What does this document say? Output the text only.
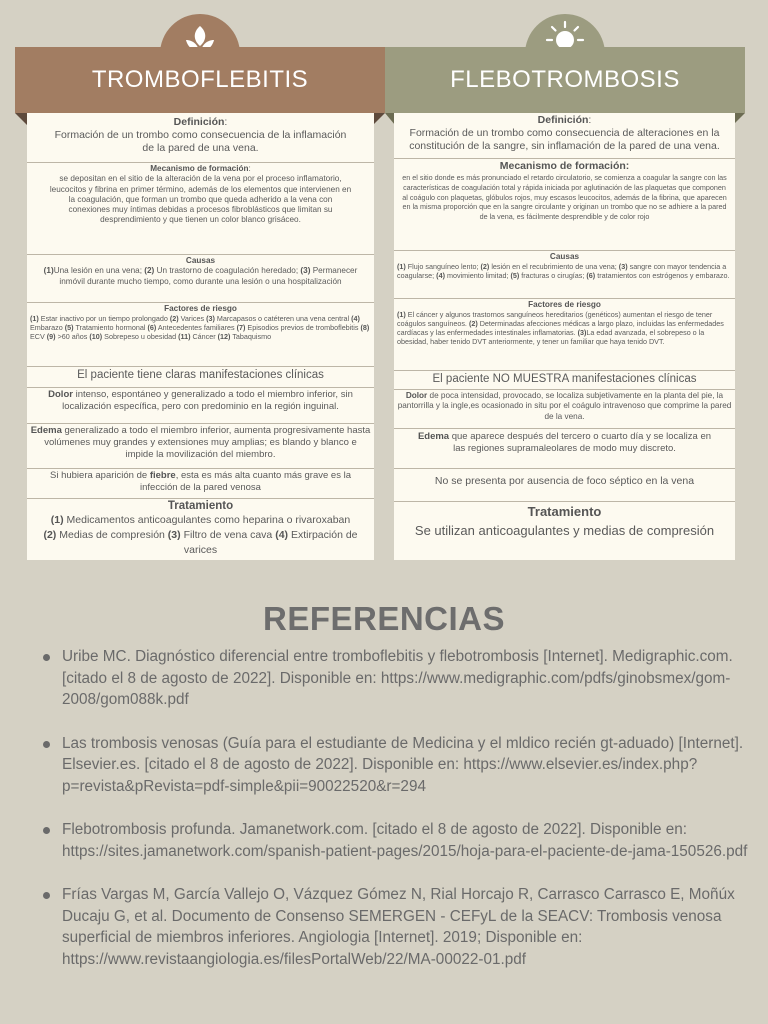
TROMBOFLEBITIS
Definición:
Formación de un trombo como consecuencia de la inflamación de la pared de una vena.
Mecanismo de formación:
se depositan en el sitio de la alteración de la vena por el proceso inflamatorio, leucocitos y fibrina en primer término, además de los elementos que intervienen en la coagulación, que forman un trombo que queda adherido a la vena con conexiones muy íntimas debidas a procesos fibroblásticos que limitan su desprendimiento y que tienen un color blanco grisáceo.
Causas
(1)Una lesión en una vena; (2) Un trastorno de coagulación heredado; (3) Permanecer inmóvil durante mucho tiempo, como durante una lesión o una hospitalización
Factores de riesgo
(1) Estar inactivo por un tiempo prolongado (2) Varices (3) Marcapasos o catéteren una vena central (4) Embarazo (5) Tratamiento hormonal (6) Antecedentes familiares (7) Episodios previos de tromboflebitis (8) ECV (9) >60 años (10) Sobrepeso u obesidad (11) Cáncer (12) Tabaquismo
El paciente tiene claras manifestaciones clínicas
Dolor intenso, espontáneo y generalizado a todo el miembro inferior, sin localización específica, pero con predominio en la región inguinal.
Edema generalizado a todo el miembro inferior, aumenta progresivamente hasta volúmenes muy grandes y extensiones muy amplias; es blando y blanco e impide la movilización del miembro.
Si hubiera aparición de fiebre, esta es más alta cuanto más grave es la infección de la pared venosa
Tratamiento
(1) Medicamentos anticoagulantes como heparina o rivaroxaban (2) Medias de compresión (3) Filtro de vena cava (4) Extirpación de varices
FLEBOTROMBOSIS
Definición:
Formación de un trombo como consecuencia de alteraciones en la constitución de la sangre, sin inflamación de la pared de una vena.
Mecanismo de formación:
en el sitio donde es más pronunciado el retardo circulatorio, se comienza a coagular la sangre con las características de coagulación total y rápida iniciada por aglutinación de las plaquetas que componen al coágulo con plaquetas, glóbulos rojos, muy escasos leucocitos, además de la fibrina, que aparecen en la misma proporción que en la sangre circulante y originan un trombo que no se adhiere a la pared de la vena, es fácilmente desprendible y de color rojo
Causas
(1) Flujo sanguíneo lento; (2) lesión en el recubrimiento de una vena; (3) sangre con mayor tendencia a coagularse; (4) movimiento limitad; (5) fracturas o cirugías; (6) tratamientos con estrógenos y embarazo.
Factores de riesgo
(1) El cáncer y algunos trastornos sanguíneos hereditarios (genéticos) aumentan el riesgo de tener coágulos sanguíneos. (2) Determinadas afecciones médicas a largo plazo, incluidas las enfermedades cardíacas y las enfermedades intestinales inflamatorias. (3)La edad avanzada, el sobrepeso o la obesidad, haber tenido DVT anteriormente, y tener un familiar que haya tenido DVT.
El paciente NO MUESTRA manifestaciones clínicas
Dolor de poca intensidad, provocado, se localiza subjetivamente en la planta del pie, la pantorrilla y la ingle,es ocasionado in situ por el coágulo intravenoso que comprime la pared de la vena.
Edema que aparece después del tercero o cuarto día y se localiza en las regiones supramaleolares de modo muy discreto.
No se presenta por ausencia de foco séptico en la vena
Tratamiento
Se utilizan anticoagulantes y medias de compresión
REFERENCIAS
Uribe MC. Diagnóstico diferencial entre tromboflebitis y flebotrombosis [Internet]. Medigraphic.com. [citado el 8 de agosto de 2022]. Disponible en: https://www.medigraphic.com/pdfs/ginobsmex/gom-2008/gom088k.pdf
Las trombosis venosas (Guía para el estudiante de Medicina y el mldico recién gt-aduado) [Internet]. Elsevier.es. [citado el 8 de agosto de 2022]. Disponible en: https://www.elsevier.es/index.php?p=revista&pRevista=pdf-simple&pii=90022520&r=294
Flebotrombosis profunda. Jamanetwork.com. [citado el 8 de agosto de 2022]. Disponible en: https://sites.jamanetwork.com/spanish-patient-pages/2015/hoja-para-el-paciente-de-jama-150526.pdf
Frías Vargas M, García Vallejo O, Vázquez Gómez N, Rial Horcajo R, Carrasco Carrasco E, Moñúx Ducaju G, et al. Documento de Consenso SEMERGEN - CEFyL de la SEACV: Trombosis venosa superficial de miembros inferiores. Angiologia [Internet]. 2019; Disponible en: https://www.revistaangiologia.es/filesPortalWeb/22/MA-00022-01.pdf
